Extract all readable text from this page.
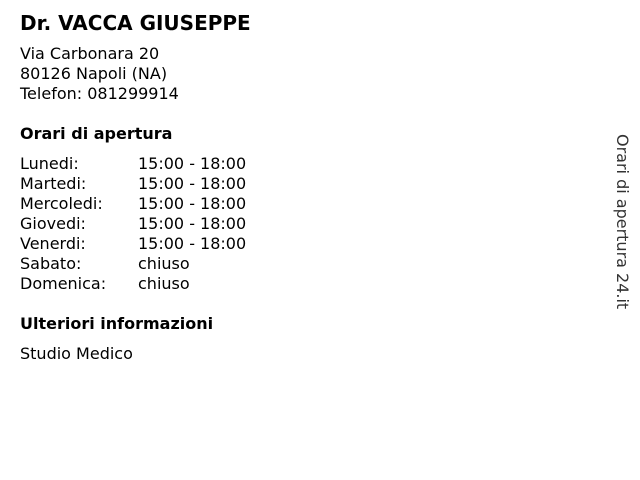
Dr. VACCA GIUSEPPE
Via Carbonara 20
80126 Napoli (NA)
Telefon: 081299914
Orari di apertura
Lunedi:	15:00 - 18:00
Martedi:	15:00 - 18:00
Mercoledi:	15:00 - 18:00
Giovedi:	15:00 - 18:00
Venerdi:	15:00 - 18:00
Sabato:	chiuso
Domenica:	chiuso
Ulteriori informazioni
Studio Medico
Orari di apertura 24.it
